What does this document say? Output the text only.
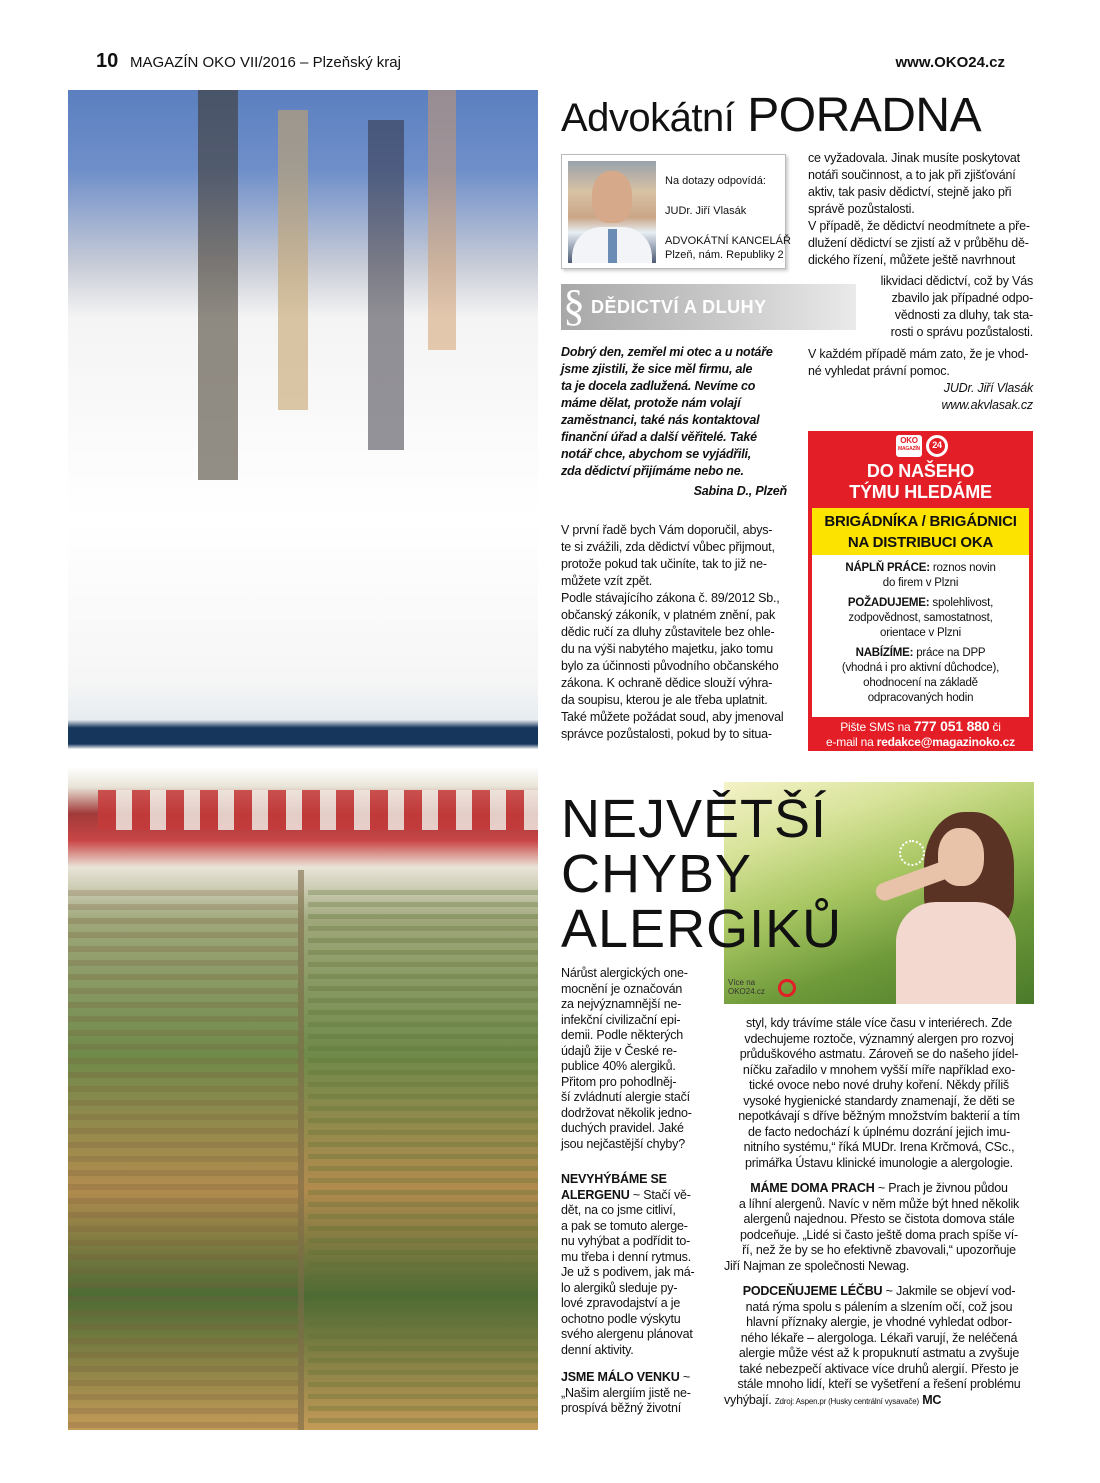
10 MAGAZÍN OKO VII/2016 – Plzeňský kraj	www.OKO24.cz
Advokátní PORADNA
Na dotazy odpovídá:
JUDr. Jiří Vlasák
ADVOKÁTNÍ KANCELÁŘ
Plzeň, nám. Republiky 2
§ DĚDICTVÍ A DLUHY
Dobrý den, zemřel mi otec a u notáře
jsme zjistili, že sice měl firmu, ale
ta je docela zadlužená. Nevíme co
máme dělat, protože nám volají
zaměstnanci, také nás kontaktoval
finanční úřad a další věřitelé. Také
notář chce, abychom se vyjádřili,
zda dědictví přijímáme nebo ne.
Sabina D., Plzeň
V první řadě bych Vám doporučil, abys-
te si zvážili, zda dědictví vůbec přijmout,
protože pokud tak učiníte, tak to již ne-
můžete vzít zpět.
Podle stávajícího zákona č. 89/2012 Sb.,
občanský zákoník, v platném znění, pak
dědic ručí za dluhy zůstavitele bez ohle-
du na výši nabytého majetku, jako tomu
bylo za účinnosti původního občanského
zákona. K ochraně dědice slouží výhra-
da soupisu, kterou je ale třeba uplatnit.
Také můžete požádat soud, aby jmenoval
správce pozůstalosti, pokud by to situa-
ce vyžadovala. Jinak musíte poskytovat
notáři součinnost, a to jak při zjišťování
aktiv, tak pasiv dědictví, stejně jako při
správě pozůstalosti.
V případě, že dědictví neodmítnete a pře-
dlužení dědictví se zjistí až v průběhu dě-
dického řízení, můžete ještě navrhnout
likvidaci dědictví, což by Vás
zbavilo jak případné odpo-
vědnosti za dluhy, tak sta-
rosti o správu pozůstalosti.
V každém případě mám zato, že je vhod-
né vyhledat právní pomoc.
JUDr. Jiří Vlasák
www.akvlasak.cz
OKO
MAGAZÍN	24
DO NAŠEHO
TÝMU HLEDÁME
BRIGÁDNÍKA / BRIGÁDNICI
NA DISTRIBUCI OKA
NÁPLŇ PRÁCE: roznos novin
do firem v Plzni
POŽADUJEME: spolehlivost,
zodpovědnost, samostatnost,
orientace v Plzni
NABÍZÍME: práce na DPP
(vhodná i pro aktivní důchodce),
ohodnocení na základě
odpracovaných hodin
Pište SMS na 777 051 880 či
e-mail na redakce@magazinoko.cz
Více na
OKO24.cz
NEJVĚTŠÍ
CHYBY
ALERGIKŮ
Nárůst alergických one-
mocnění je označován
za nejvýznamnější ne-
infekční civilizační epi-
demii. Podle některých
údajů žije v České re-
publice 40% alergiků.
Přitom pro pohodlněj-
ší zvládnutí alergie stačí
dodržovat několik jedno-
duchých pravidel. Jaké
jsou nejčastější chyby?
NEVYHÝBÁME SE
ALERGENU ~ Stačí vě-
dět, na co jsme citliví,
a pak se tomuto alerge-
nu vyhýbat a podřídit to-
mu třeba i denní rytmus.
Je už s podivem, jak má-
lo alergiků sleduje py-
lové zpravodajství a je
ochotno podle výskytu
svého alergenu plánovat
denní aktivity.
JSME MÁLO VENKU ~
„Našim alergiím jistě ne-
prospívá běžný životní
styl, kdy trávíme stále více času v interiérech. Zde
vdechujeme roztoče, významný alergen pro rozvoj
průduškového astmatu. Zároveň se do našeho jídel-
níčku zařadilo v mnohem vyšší míře například exo-
tické ovoce nebo nové druhy koření. Někdy příliš
vysoké hygienické standardy znamenají, že děti se
nepotkávají s dříve běžným množstvím bakterií a tím
de facto nedochází k úplnému dozrání jejich imu-
nitního systému,“ říká MUDr. Irena Krčmová, CSc.,
primářka Ústavu klinické imunologie a alergologie.
MÁME DOMA PRACH ~ Prach je živnou půdou
a líhní alergenů. Navíc v něm může být hned několik
alergenů najednou. Přesto se čistota domova stále
podceňuje. „Lidé si často ještě doma prach spíše ví-
ří, než že by se ho efektivně zbavovali,“ upozorňuje
Jiří Najman ze společnosti Newag.
PODCEŇUJEME LÉČBU ~ Jakmile se objeví vod-
natá rýma spolu s pálením a slzením očí, což jsou
hlavní příznaky alergie, je vhodné vyhledat odbor-
ného lékaře – alergologa. Lékaři varují, že neléčená
alergie může vést až k propuknutí astmatu a zvyšuje
také nebezpečí aktivace více druhů alergií. Přesto je
stále mnoho lidí, kteří se vyšetření a řešení problému
vyhýbají. Zdroj: Aspen.pr (Husky centrální vysavače) MC
